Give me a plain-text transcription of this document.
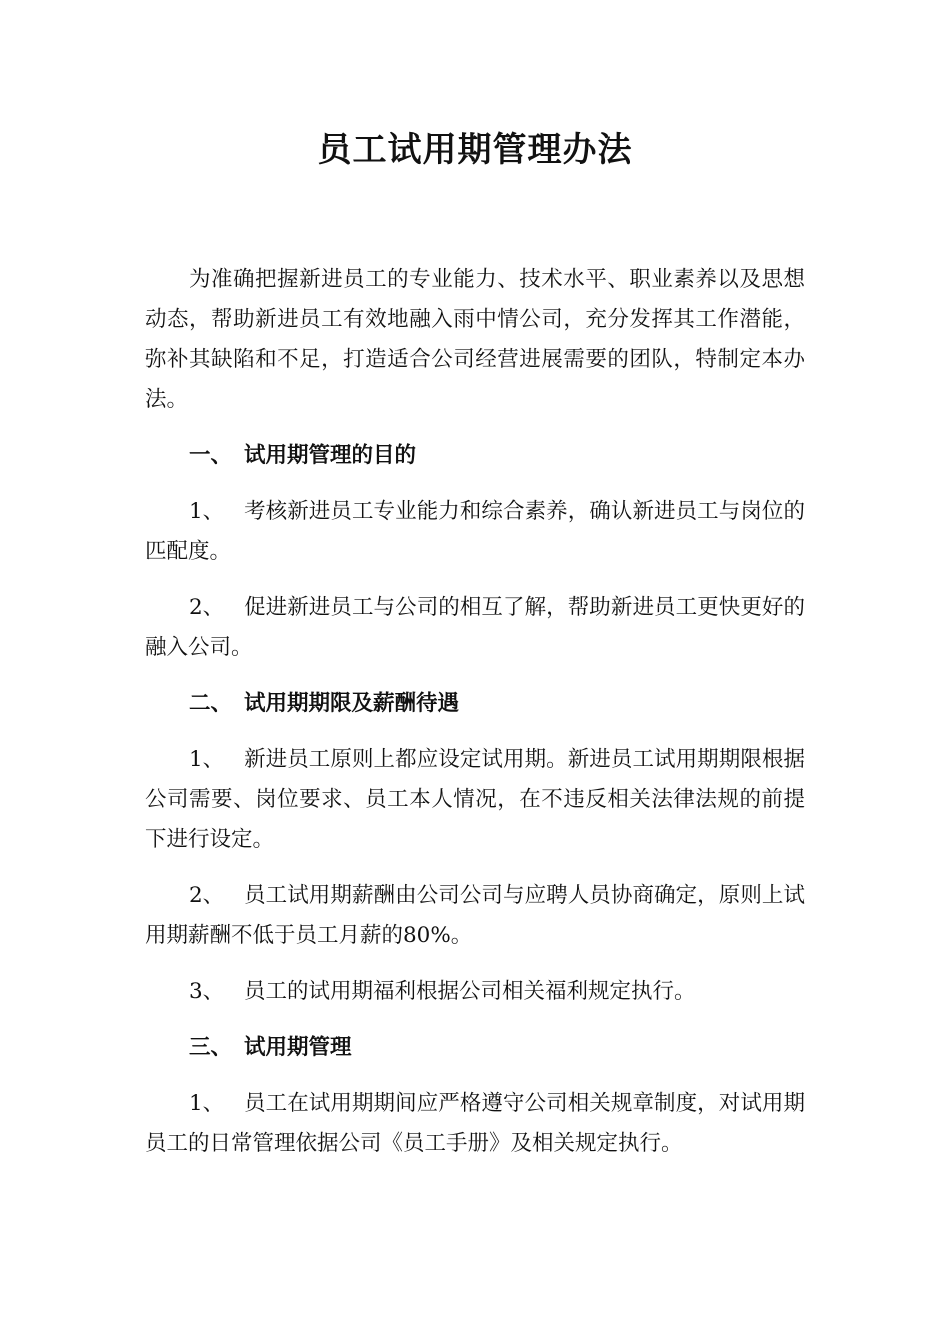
员工试用期管理办法

为准确把握新进员工的专业能力、技术水平、职业素养以及思想动态，帮助新进员工有效地融入雨中情公司，充分发挥其工作潜能，弥补其缺陷和不足，打造适合公司经营进展需要的团队，特制定本办法。

一、 试用期管理的目的

1、 考核新进员工专业能力和综合素养，确认新进员工与岗位的匹配度。

2、 促进新进员工与公司的相互了解，帮助新进员工更快更好的融入公司。

二、 试用期期限及薪酬待遇

1、 新进员工原则上都应设定试用期。新进员工试用期期限根据公司需要、岗位要求、员工本人情况，在不违反相关法律法规的前提下进行设定。

2、 员工试用期薪酬由公司公司与应聘人员协商确定，原则上试用期薪酬不低于员工月薪的80%。

3、 员工的试用期福利根据公司相关福利规定执行。

三、 试用期管理

1、 员工在试用期期间应严格遵守公司相关规章制度，对试用期员工的日常管理依据公司《员工手册》及相关规定执行。
